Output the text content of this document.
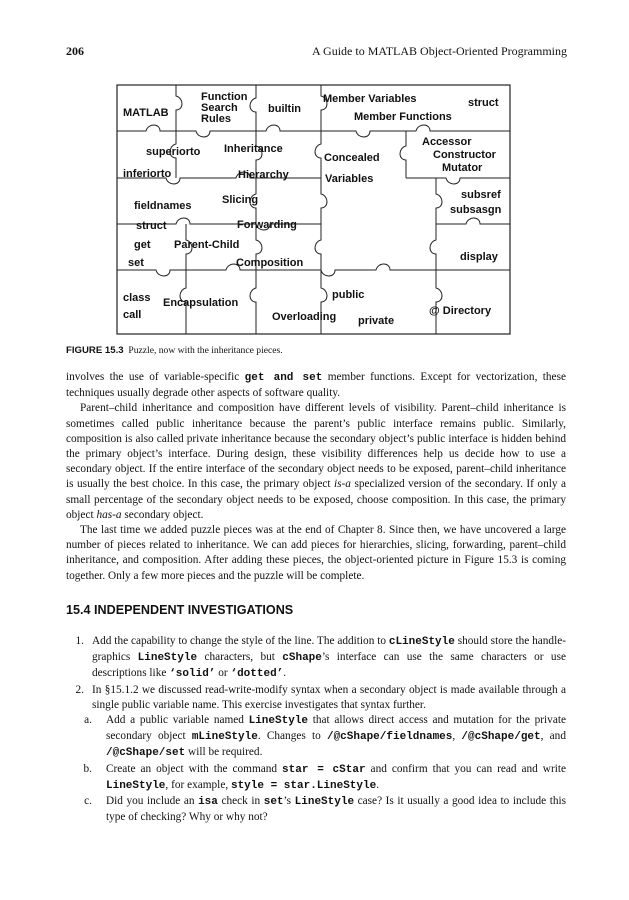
206	A Guide to MATLAB Object-Oriented Programming
MATLAB
Function
Search
Rules
builtin
Member Variables	struct
Member Functions
superiorto Inheritance
Concealed
Accessor
Constructor
Mutator
inferiorto	Hierarchy	Variables
subsref
fieldnames	Slicing
subsasgn
struct	Forwarding
get Parent-Child
set	Composition	display
class Encapsulation
public
call	Overloading private
@ Directory
FIGURE 15.3 Puzzle, now with the inheritance pieces.

involves the use of variable-specific get and set member functions. Except for vectorization, these techniques usually degrade other aspects of software quality.

Parent–child inheritance and composition have different levels of visibility. Parent–child inheritance is sometimes called public inheritance because the parent’s public interface remains public. Similarly, composition is also called private inheritance because the secondary object’s public interface is hidden behind the primary object’s interface. During design, these visibility differences help us decide how to use a secondary object. If the entire interface of the secondary object needs to be exposed, parent–child inheritance is usually the best choice. In this case, the primary object is-a specialized version of the secondary. If only a small percentage of the secondary object needs to be exposed, choose composition. In this case, the primary object has-a secondary object.

The last time we added puzzle pieces was at the end of Chapter 8. Since then, we have uncovered a large number of pieces related to inheritance. We can add pieces for hierarchies, slicing, forwarding, parent–child inheritance, and composition. After adding these pieces, the object-oriented picture in Figure 15.3 is coming together. Only a few more pieces and the puzzle will be complete.

15.4 INDEPENDENT INVESTIGATIONS
1. Add the capability to change the style of the line. The addition to cLineStyle should store the handle-graphics LineStyle characters, but cShape’s interface can use the same characters or use descriptions like ‘solid’ or ‘dotted’.
2. In §15.1.2 we discussed read-write-modify syntax when a secondary object is made available through a single public variable name. This exercise investigates that syntax further.
a. Add a public variable named LineStyle that allows direct access and mutation for the private secondary object mLineStyle. Changes to /@cShape/fieldnames, /@cShape/get, and /@cShape/set will be required.
b. Create an object with the command star = cStar and confirm that you can read and write LineStyle, for example, style = star.LineStyle.
c. Did you include an isa check in set’s LineStyle case? Is it usually a good idea to include this type of checking? Why or why not?
